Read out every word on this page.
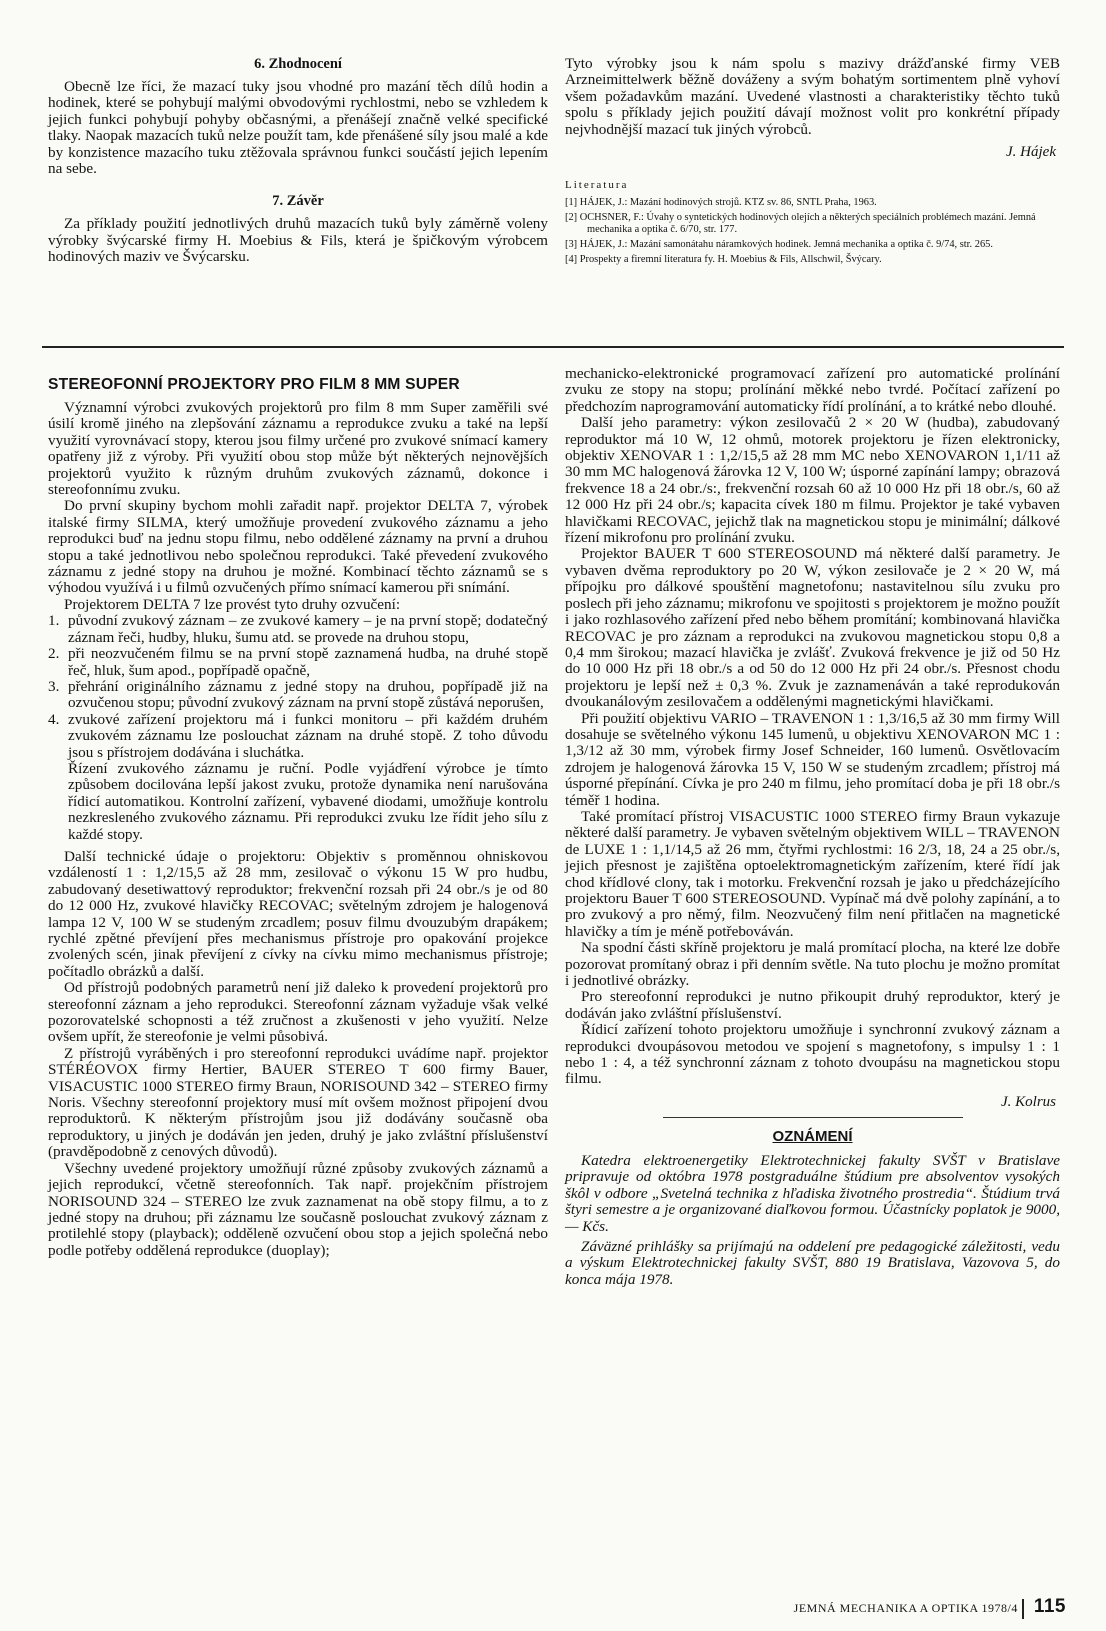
6. Zhodnocení

Obecně lze říci, že mazací tuky jsou vhodné pro mazání těch dílů hodin a hodinek, které se pohybují malými obvodovými rychlostmi, nebo se vzhledem k jejich funkci pohybují pohyby občasnými, a přenášejí značně velké specifické tlaky. Naopak mazacích tuků nelze použít tam, kde přenášené síly jsou malé a kde by konzistence mazacího tuku ztěžovala správnou funkci součástí jejich lepením na sebe.

7. Závěr

Za příklady použití jednotlivých druhů mazacích tuků byly záměrně voleny výrobky švýcarské firmy H. Moebius & Fils, která je špičkovým výrobcem hodinových maziv ve Švýcarsku.

Tyto výrobky jsou k nám spolu s mazivy drážďanské firmy VEB Arzneimittelwerk běžně dováženy a svým bohatým sortimentem plně vyhoví všem požadavkům mazání. Uvedené vlastnosti a charakteristiky těchto tuků spolu s příklady jejich použití dávají možnost volit pro konkrétní případy nejvhodnější mazací tuk jiných výrobců.

J. Hájek
Literatura
[1] HÁJEK, J.: Mazání hodinových strojů. KTZ sv. 86, SNTL Praha, 1963.
[2] OCHSNER, F.: Úvahy o syntetických hodinových olejích a některých speciálních problémech mazání. Jemná mechanika a optika č. 6/70, str. 177.
[3] HÁJEK, J.: Mazání samonátahu náramkových hodinek. Jemná mechanika a optika č. 9/74, str. 265.
[4] Prospekty a firemní literatura fy. H. Moebius & Fils, Allschwil, Švýcary.
STEREOFONNÍ PROJEKTORY PRO FILM 8 MM SUPER

Významní výrobci zvukových projektorů pro film 8 mm Super zaměřili své úsilí kromě jiného na zlepšování záznamu a reprodukce zvuku a také na lepší využití vyrovnávací stopy, kterou jsou filmy určené pro zvukové snímací kamery opatřeny již z výroby. Při využití obou stop může být některých nejnovějších projektorů využito k různým druhům zvukových záznamů, dokonce i stereofonnímu zvuku.

Do první skupiny bychom mohli zařadit např. projektor DELTA 7, výrobek italské firmy SILMA, který umožňuje provedení zvukového záznamu a jeho reprodukci buď na jednu stopu filmu, nebo oddělené záznamy na první a druhou stopu a také jednotlivou nebo společnou reprodukci. Také převedení zvukového záznamu z jedné stopy na druhou je možné. Kombinací těchto záznamů se s výhodou využívá i u filmů ozvučených přímo snímací kamerou při snímání.

Projektorem DELTA 7 lze provést tyto druhy ozvučení:

1. původní zvukový záznam – ze zvukové kamery – je na první stopě; dodatečný záznam řeči, hudby, hluku, šumu atd. se provede na druhou stopu,
2. při neozvučeném filmu se na první stopě zaznamená hudba, na druhé stopě řeč, hluk, šum apod., popřípadě opačně,
3. přehrání originálního záznamu z jedné stopy na druhou, popřípadě již na ozvučenou stopu; původní zvukový záznam na první stopě zůstává neporušen,
4. zvukové zařízení projektoru má i funkci monitoru – při každém druhém zvukovém záznamu lze poslouchat záznam na druhé stopě. Z toho důvodu jsou s přístrojem dodávána i sluchátka.

Řízení zvukového záznamu je ruční. Podle vyjádření výrobce je tímto způsobem docilována lepší jakost zvuku, protože dynamika není narušována řídicí automatikou. Kontrolní zařízení, vybavené diodami, umožňuje kontrolu nezkresleného zvukového záznamu. Při reprodukci zvuku lze řídit jeho sílu z každé stopy.

Další technické údaje o projektoru: Objektiv s proměnnou ohniskovou vzdáleností 1 : 1,2/15,5 až 28 mm, zesilovač o výkonu 15 W pro hudbu, zabudovaný desetiwattový reproduktor; frekvenční rozsah při 24 obr./s je od 80 do 12 000 Hz, zvukové hlavičky RECOVAC; světelným zdrojem je halogenová lampa 12 V, 100 W se studeným zrcadlem; posuv filmu dvouzubým drapákem; rychlé zpětné převíjení přes mechanismus přístroje pro opakování projekce zvolených scén, jinak převíjení z cívky na cívku mimo mechanismus přístroje; počítadlo obrázků a další.

Od přístrojů podobných parametrů není již daleko k provedení projektorů pro stereofonní záznam a jeho reprodukci. Stereofonní záznam vyžaduje však velké pozorovatelské schopnosti a též zručnost a zkušenosti v jeho využití. Nelze ovšem upřít, že stereofonie je velmi působivá.

Z přístrojů vyráběných i pro stereofonní reprodukci uvádíme např. projektor STÉRÉOVOX firmy Hertier, BAUER STEREO T 600 firmy Bauer, VISACUSTIC 1000 STEREO firmy Braun, NORISOUND 342 – STEREO firmy Noris. Všechny stereofonní projektory musí mít ovšem možnost připojení dvou reproduktorů. K některým přístrojům jsou již dodávány současně oba reproduktory, u jiných je dodáván jen jeden, druhý je jako zvláštní příslušenství (pravděpodobně z cenových důvodů).

Všechny uvedené projektory umožňují různé způsoby zvukových záznamů a jejich reprodukcí, včetně stereofonních. Tak např. projekčním přístrojem NORISOUND 324 – STEREO lze zvuk zaznamenat na obě stopy filmu, a to z jedné stopy na druhou; při záznamu lze současně poslouchat zvukový záznam z protilehlé stopy (playback); odděleně ozvučení obou stop a jejich společná nebo podle potřeby oddělená reprodukce (duoplay);

mechanicko-elektronické programovací zařízení pro automatické prolínání zvuku ze stopy na stopu; prolínání měkké nebo tvrdé. Počítací zařízení po předchozím naprogramování automaticky řídí prolínání, a to krátké nebo dlouhé.

Další jeho parametry: výkon zesilovačů 2 × 20 W (hudba), zabudovaný reproduktor má 10 W, 12 ohmů, motorek projektoru je řízen elektronicky, objektiv XENOVAR 1 : 1,2/15,5 až 28 mm MC nebo XENOVARON 1,1/11 až 30 mm MC halogenová žárovka 12 V, 100 W; úsporné zapínání lampy; obrazová frekvence 18 a 24 obr./s:, frekvenční rozsah 60 až 10 000 Hz při 18 obr./s, 60 až 12 000 Hz při 24 obr./s; kapacita cívek 180 m filmu. Projektor je také vybaven hlavičkami RECOVAC, jejichž tlak na magnetickou stopu je minimální; dálkové řízení mikrofonu pro prolínání zvuku.

Projektor BAUER T 600 STEREOSOUND má některé další parametry. Je vybaven dvěma reproduktory po 20 W, výkon zesilovače je 2 × 20 W, má přípojku pro dálkové spouštění magnetofonu; nastavitelnou sílu zvuku pro poslech při jeho záznamu; mikrofonu ve spojitosti s projektorem je možno použít i jako rozhlasového zařízení před nebo během promítání; kombinovaná hlavička RECOVAC je pro záznam a reprodukci na zvukovou magnetickou stopu 0,8 a 0,4 mm širokou; mazací hlavička je zvlášť. Zvuková frekvence je již od 50 Hz do 10 000 Hz při 18 obr./s a od 50 do 12 000 Hz při 24 obr./s. Přesnost chodu projektoru je lepší než ± 0,3 %. Zvuk je zaznamenáván a také reprodukován dvoukanálovým zesilovačem a oddělenými magnetickými hlavičkami.

Při použití objektivu VARIO – TRAVENON 1 : 1,3/16,5 až 30 mm firmy Will dosahuje se světelného výkonu 145 lumenů, u objektivu XENOVARON MC 1 : 1,3/12 až 30 mm, výrobek firmy Josef Schneider, 160 lumenů. Osvětlovacím zdrojem je halogenová žárovka 15 V, 150 W se studeným zrcadlem; přístroj má úsporné přepínání. Cívka je pro 240 m filmu, jeho promítací doba je při 18 obr./s téměř 1 hodina.

Také promítací přístroj VISACUSTIC 1000 STEREO firmy Braun vykazuje některé další parametry. Je vybaven světelným objektivem WILL – TRAVENON de LUXE 1 : 1,1/14,5 až 26 mm, čtyřmi rychlostmi: 16 2/3, 18, 24 a 25 obr./s, jejich přesnost je zajištěna optoelektromagnetickým zařízením, které řídí jak chod křídlové clony, tak i motorku. Frekvenční rozsah je jako u předcházejícího projektoru Bauer T 600 STEREOSOUND. Vypínač má dvě polohy zapínání, a to pro zvukový a pro němý, film. Neozvučený film není přitlačen na magnetické hlavičky a tím je méně potřebováván.

Na spodní části skříně projektoru je malá promítací plocha, na které lze dobře pozorovat promítaný obraz i při denním světle. Na tuto plochu je možno promítat i jednotlivé obrázky.

Pro stereofonní reprodukci je nutno přikoupit druhý reproduktor, který je dodáván jako zvláštní příslušenství.

Řídicí zařízení tohoto projektoru umožňuje i synchronní zvukový záznam a reprodukci dvoupásovou metodou ve spojení s magnetofony, s impulsy 1 : 1 nebo 1 : 4, a též synchronní záznam z tohoto dvoupásu na magnetickou stopu filmu.

J. Kolrus
OZNÁMENÍ

Katedra elektroenergetiky Elektrotechnickej fakulty SVŠT v Bratislave pripravuje od októbra 1978 postgraduálne štúdium pre absolventov vysokých škôl v odbore „Svetelná technika z hľadiska životného prostredia“. Štúdium trvá štyri semestre a je organizované diaľkovou formou. Účastnícky poplatok je 9000,— Kčs.

Záväzné prihlášky sa prijímajú na oddelení pre pedagogické záležitosti, vedu a výskum Elektrotechnickej fakulty SVŠT, 880 19 Bratislava, Vazovova 5, do konca mája 1978.

JEMNÁ MECHANIKA A OPTIKA 1978/4 115
